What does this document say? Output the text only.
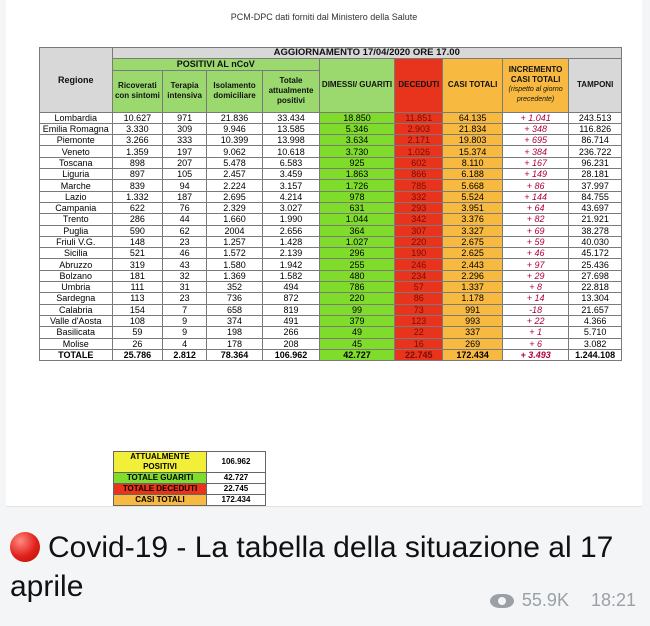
PCM-DPC dati forniti dal Ministero della Salute
Regione	AGGIORNAMENTO 17/04/2020 ORE 17.00								
	POSITIVI AL nCoV				DIMESSI/ GUARITI	DECEDUTI	CASI TOTALI	INCREMENTO CASI TOTALI
(rispetto al giorno precedente)	TAMPONI
	Ricoverati con sintomi	Terapia intensiva	Isolamento domiciliare	Totale attualmente positivi					
Lombardia	10.627	971	21.836	33.434	18.850	11.851	64.135	+ 1.041	243.513
Emilia Romagna	3.330	309	9.946	13.585	5.346	2.903	21.834	+ 348	116.826
Piemonte	3.266	333	10.399	13.998	3.634	2.171	19.803	+ 695	86.714
Veneto	1.359	197	9.062	10.618	3.730	1.026	15.374	+ 384	236.722
Toscana	898	207	5.478	6.583	925	602	8.110	+ 167	96.231
Liguria	897	105	2.457	3.459	1.863	866	6.188	+ 149	28.181
Marche	839	94	2.224	3.157	1.726	785	5.668	+ 86	37.997
Lazio	1.332	187	2.695	4.214	978	332	5.524	+ 144	84.755
Campania	622	76	2.329	3.027	631	293	3.951	+ 64	43.697
Trento	286	44	1.660	1.990	1.044	342	3.376	+ 82	21.921
Puglia	590	62	2004	2.656	364	307	3.327	+ 69	38.278
Friuli V.G.	148	23	1.257	1.428	1.027	220	2.675	+ 59	40.030
Sicilia	521	46	1.572	2.139	296	190	2.625	+ 46	45.172
Abruzzo	319	43	1.580	1.942	255	246	2.443	+ 97	25.436
Bolzano	181	32	1.369	1.582	480	234	2.296	+ 29	27.698
Umbria	111	31	352	494	786	57	1.337	+ 8	22.818
Sardegna	113	23	736	872	220	86	1.178	+ 14	13.304
Calabria	154	7	658	819	99	73	991	-18	21.657
Valle d'Aosta	108	9	374	491	379	123	993	+ 22	4.366
Basilicata	59	9	198	266	49	22	337	+ 1	5.710
Molise	26	4	178	208	45	16	269	+ 6	3.082
TOTALE	25.786	2.812	78.364	106.962	42.727	22.745	172.434	+ 3.493	1.244.108
ATTUALMENTE POSITIVI	106.962
TOTALE GUARITI	42.727
TOTALE DECEDUTI	22.745
CASI TOTALI	172.434
Covid-19 - La tabella della situazione al 17 aprile	55.9K 18:21
